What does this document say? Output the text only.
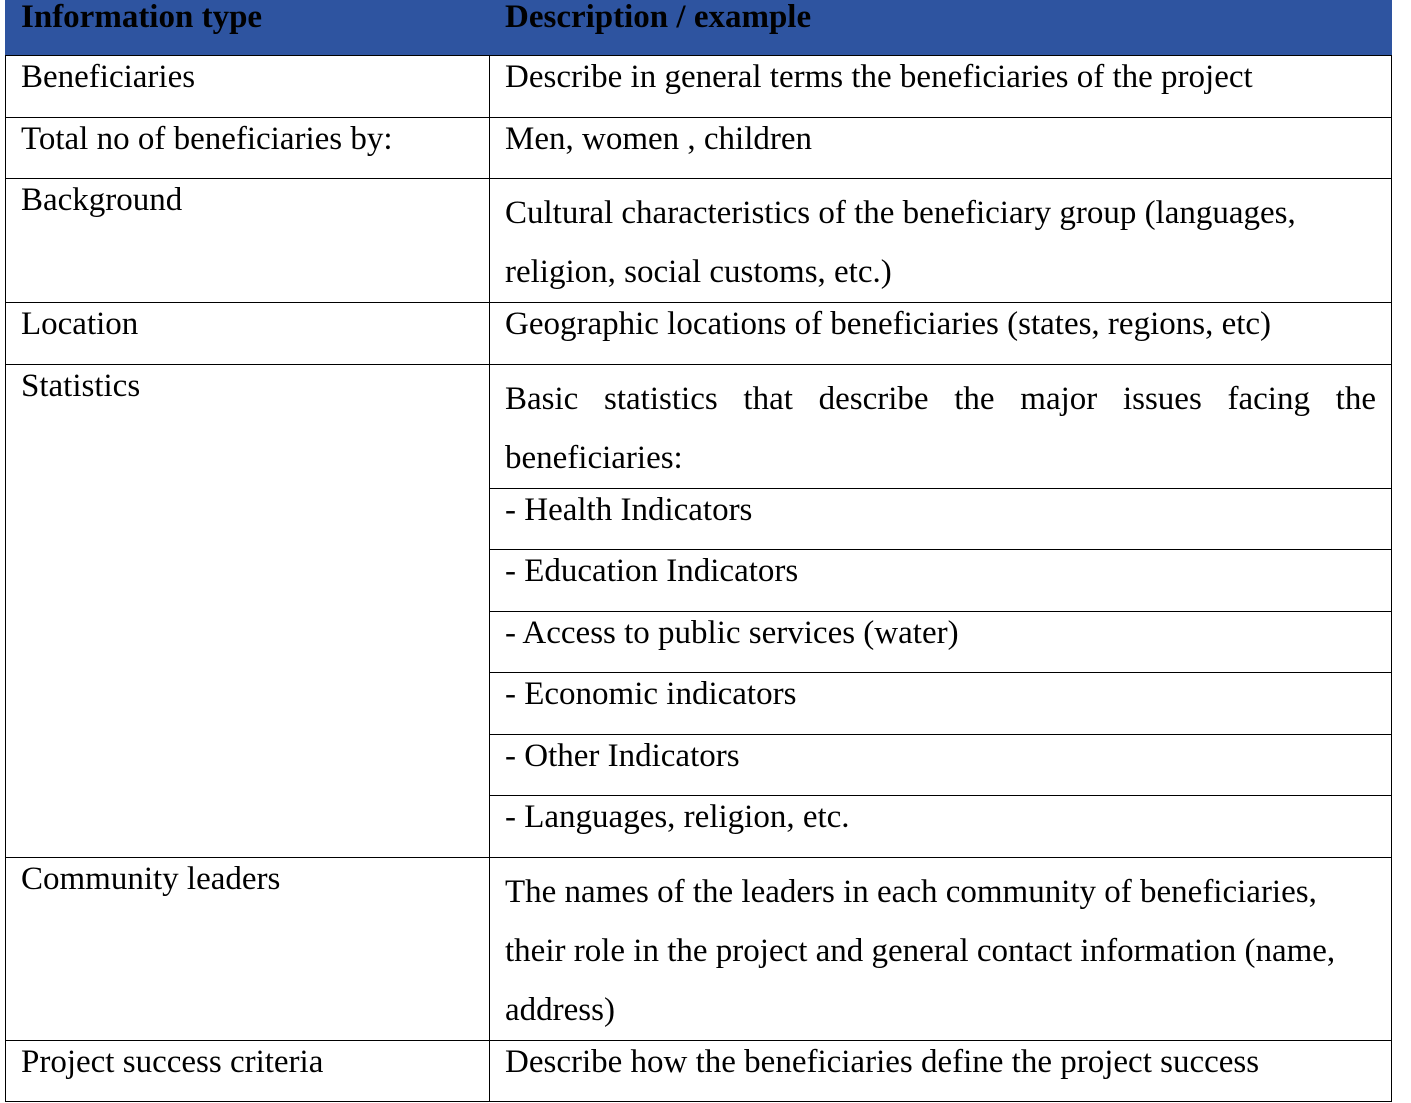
Information type	Description / example
Beneficiaries	Describe in general terms the beneficiaries of the project
Total no of beneficiaries by:	Men, women , children
Background	Cultural characteristics of the beneficiary group (languages, religion, social customs, etc.)
Location	Geographic locations of beneficiaries (states, regions, etc)
Statistics	Basic statistics that describe the major issues facing the beneficiaries:
	- Health Indicators
	- Education Indicators
	- Access to public services (water)
	- Economic indicators
	- Other Indicators
	- Languages, religion, etc.
Community leaders	The names of the leaders in each community of beneficiaries, their role in the project and general contact information (name, address)
Project success criteria	Describe how the beneficiaries define the project success
